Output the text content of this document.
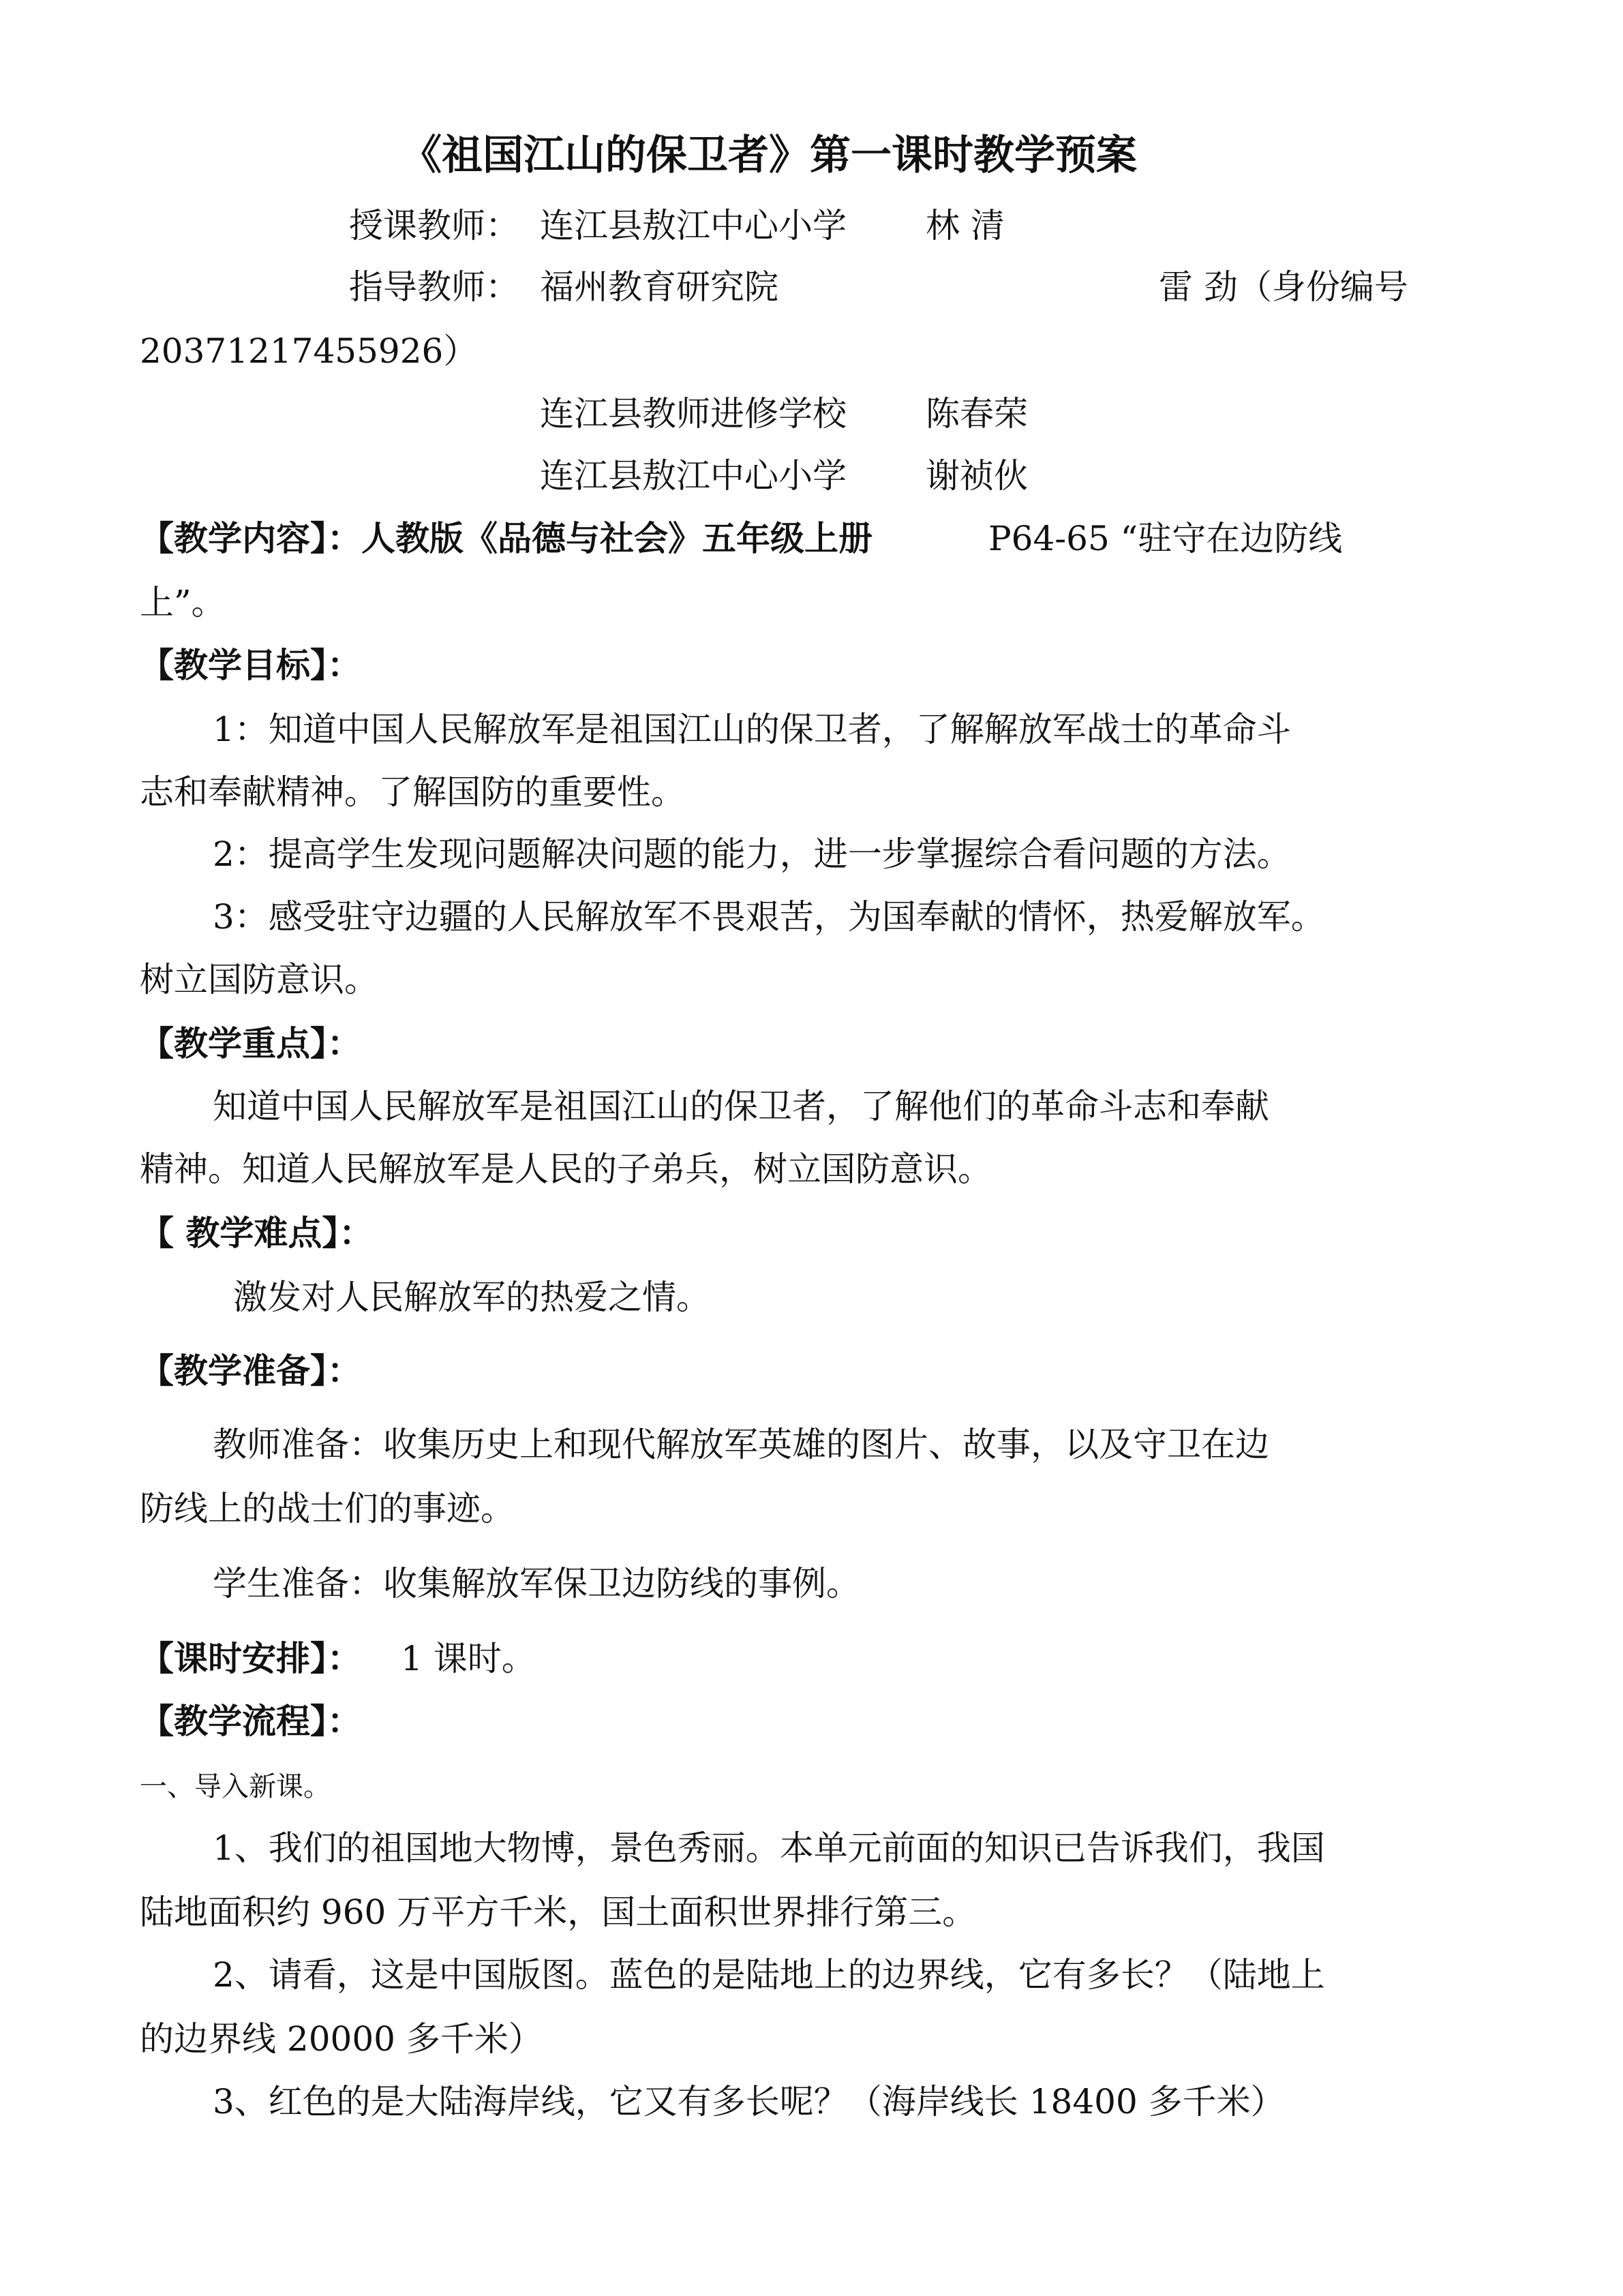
《祖国江山的保卫者》第一课时教学预案
授课教师： 连江县敖江中心小学 林 清
指导教师： 福州教育研究院	雷 劲（身份编号
20371217455926）
连江县教师进修学校 陈春荣
连江县敖江中心小学 谢祯伙
【教学内容】：人教版《品德与社会》五年级上册	P64-65 “驻守在边防线
上”。
【教学目标】：
1：知道中国人民解放军是祖国江山的保卫者，了解解放军战士的革命斗
志和奉献精神。了解国防的重要性。
2：提高学生发现问题解决问题的能力，进一步掌握综合看问题的方法。
3：感受驻守边疆的人民解放军不畏艰苦，为国奉献的情怀，热爱解放军。
树立国防意识。
【教学重点】：
知道中国人民解放军是祖国江山的保卫者，了解他们的革命斗志和奉献
精神。知道人民解放军是人民的子弟兵，树立国防意识。
【 教学难点】：
激发对人民解放军的热爱之情。
【教学准备】：
教师准备：收集历史上和现代解放军英雄的图片、故事，以及守卫在边
防线上的战士们的事迹。
学生准备：收集解放军保卫边防线的事例。
【课时安排】： 1 课时。
【教学流程】：
一、导入新课。
1、我们的祖国地大物博，景色秀丽。本单元前面的知识已告诉我们，我国
陆地面积约 960 万平方千米，国土面积世界排行第三。
2、请看，这是中国版图。蓝色的是陆地上的边界线，它有多长？（陆地上
的边界线 20000 多千米）
3、红色的是大陆海岸线，它又有多长呢？（海岸线长 18400 多千米）
